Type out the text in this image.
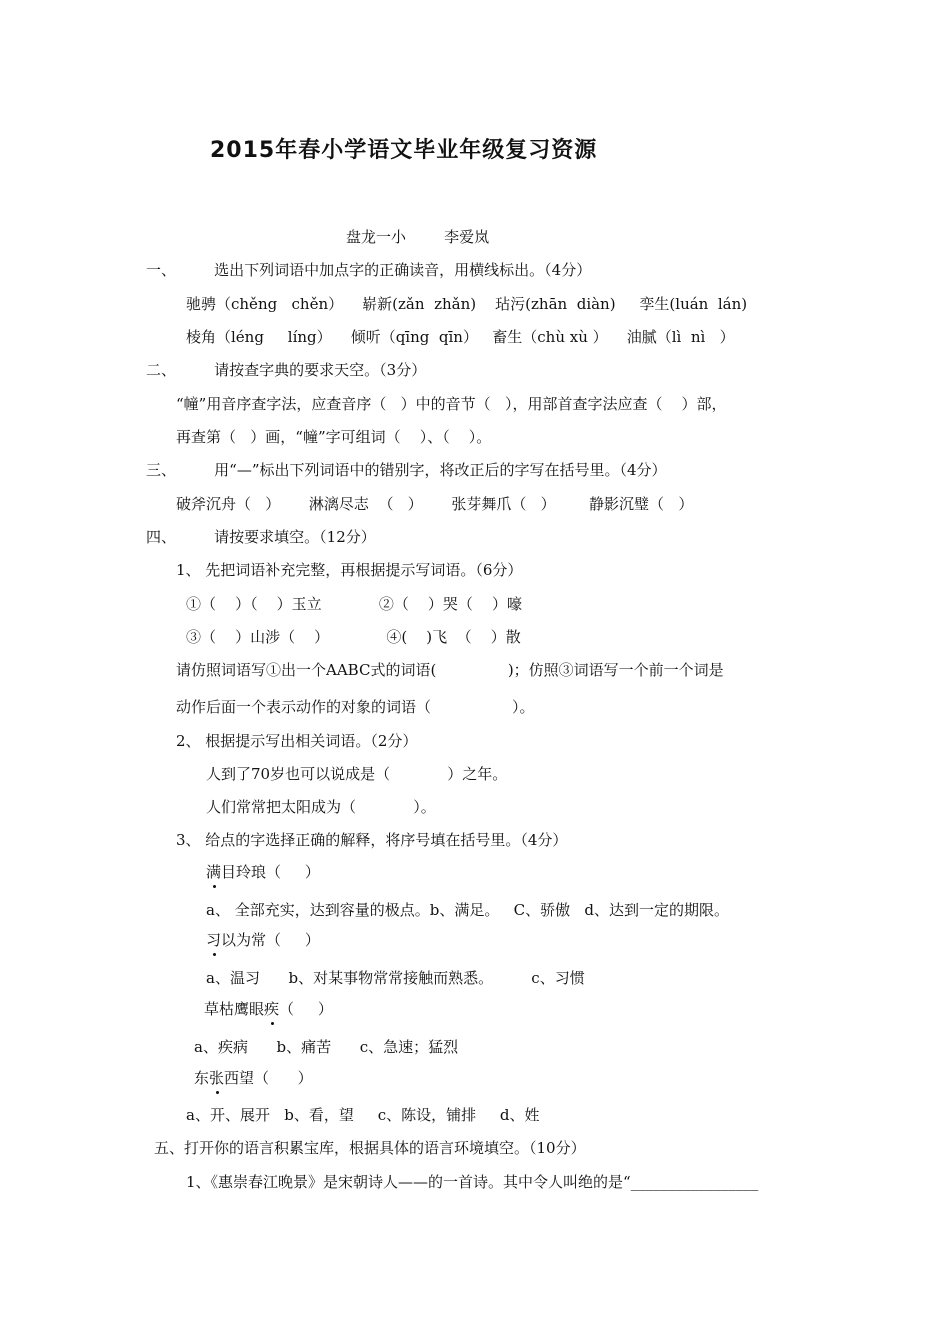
2015年春小学语文毕业年级复习资源
盘龙一小        李爱岚
一、        选出下列词语中加点字的正确读音，用横线标出。（4分）
驰骋（chěng   chěn）    崭新(zǎn  zhǎn)    玷污(zhān  diàn)     孪生(luán  lán)
棱角（léng     líng）    倾听（qīng  qīn）   畜生（chù xù ）    油腻（lì  nì   ）
二、        请按查字典的要求天空。（3分）
“幢”用音序查字法，应查音序（   ）中的音节（   ），用部首查字法应查（    ）部，
再查第（   ）画，“幢”字可组词（    ）、（    ）。
三、        用“—”标出下列词语中的错别字，将改正后的字写在括号里。（4分）
破斧沉舟（   ）      淋漓尽志  （   ）      张芽舞爪（   ）       静影沉璧（   ）
四、        请按要求填空。（12分）
1、 先把词语补充完整，再根据提示写词语。（6分）
①（    ）（    ）玉立            ②（    ）哭（    ）嚎
③（    ）山涉（    ）            ④(    )飞  （    ）散
请仿照词语写①出一个AABC式的词语(               )；仿照③词语写一个前一个词是
动作后面一个表示动作的对象的词语（                 ）。
2、 根据提示写出相关词语。（2分）
人到了70岁也可以说成是（            ）之年。
人们常常把太阳成为（            ）。
3、 给点的字选择正确的解释，将序号填在括号里。（4分）
满目玲琅（     ）
a、 全部充实，达到容量的极点。b、满足。   C、骄傲   d、达到一定的期限。
习以为常（     ）
a、温习      b、对某事物常常接触而熟悉。        c、习惯
草枯鹰眼疾（     ）
a、疾病      b、痛苦      c、急速；猛烈
东张西望（      ）
a、开、展开   b、看，望     c、陈设，铺排     d、姓
五、打开你的语言积累宝库，根据具体的语言环境填空。（10分）
1、《惠崇春江晚景》是宋朝诗人——的一首诗。其中令人叫绝的是“_________________
